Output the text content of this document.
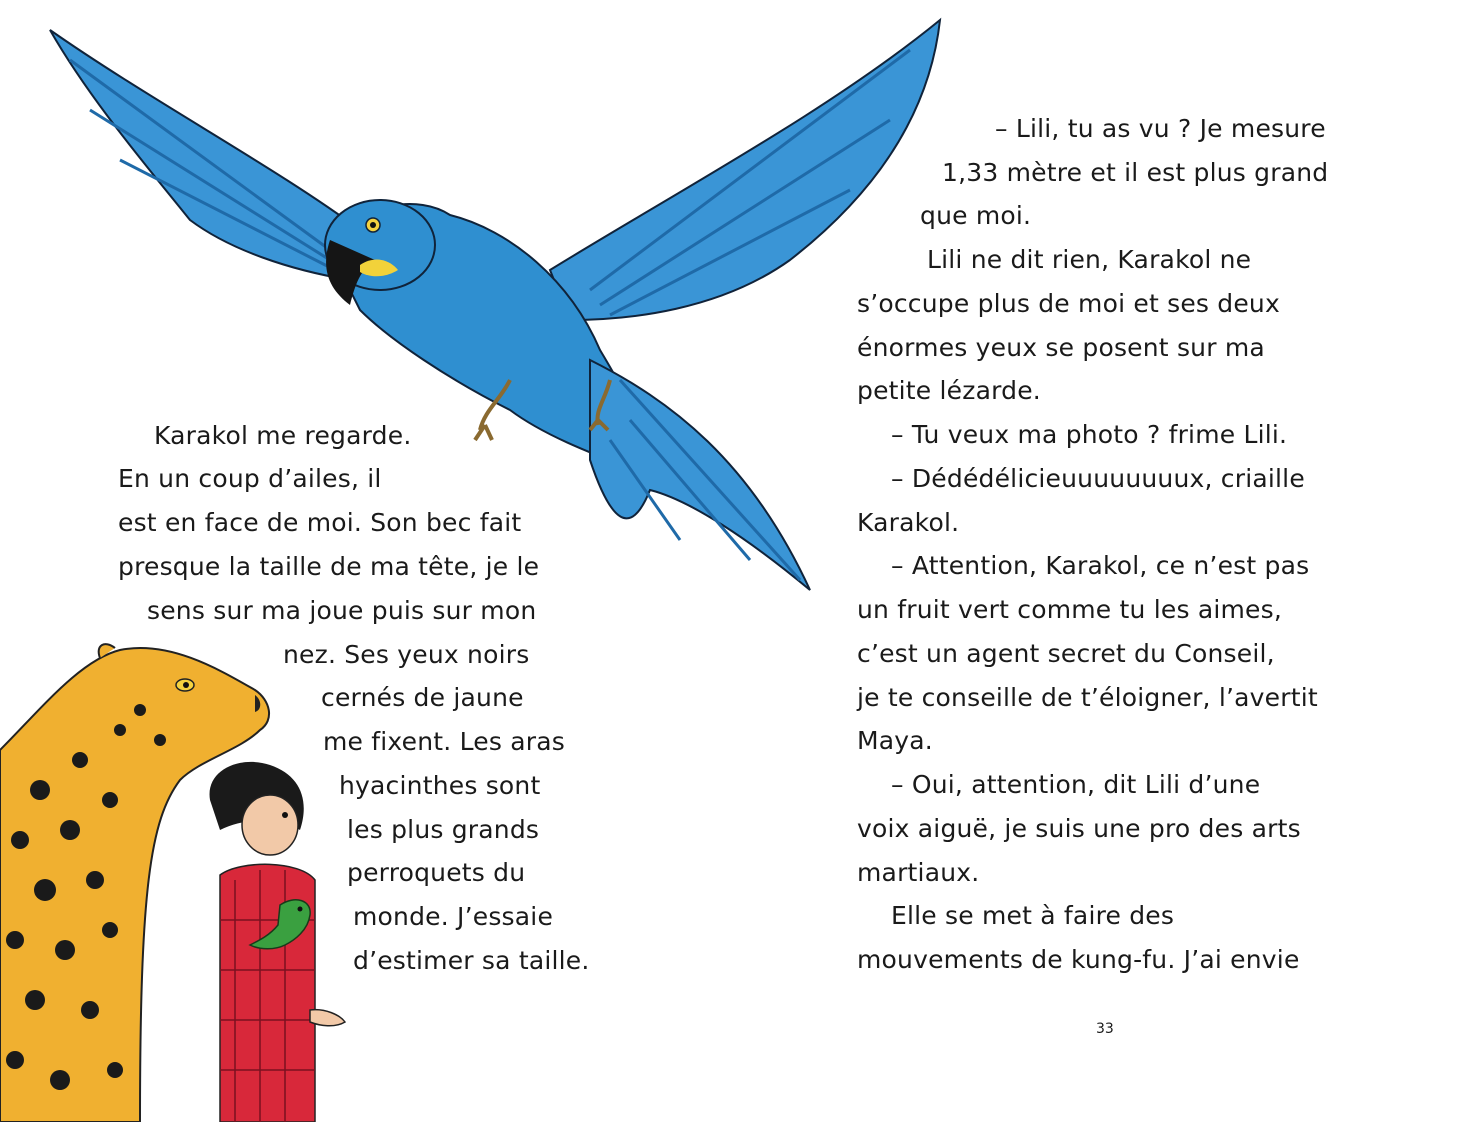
Karakol me regarde.
En un coup d’ailes, il
est en face de moi. Son bec fait
presque la taille de ma tête, je le
sens sur ma joue puis sur mon
nez. Ses yeux noirs
cernés de jaune
me fixent. Les aras
hyacinthes sont
les plus grands
perroquets du
monde. J’essaie
d’estimer sa taille.
– Lili, tu as vu ? Je mesure
1,33 mètre et il est plus grand
que moi.
Lili ne dit rien, Karakol ne
s’occupe plus de moi et ses deux
énormes yeux se posent sur ma
petite lézarde.
– Tu veux ma photo ? frime Lili.
– Dédédélicieuuuuuuuux, criaille
Karakol.
– Attention, Karakol, ce n’est pas
un fruit vert comme tu les aimes,
c’est un agent secret du Conseil,
je te conseille de t’éloigner, l’avertit
Maya.
– Oui, attention, dit Lili d’une
voix aiguë, je suis une pro des arts
martiaux.
Elle se met à faire des
mouvements de kung-fu. J’ai envie
33
